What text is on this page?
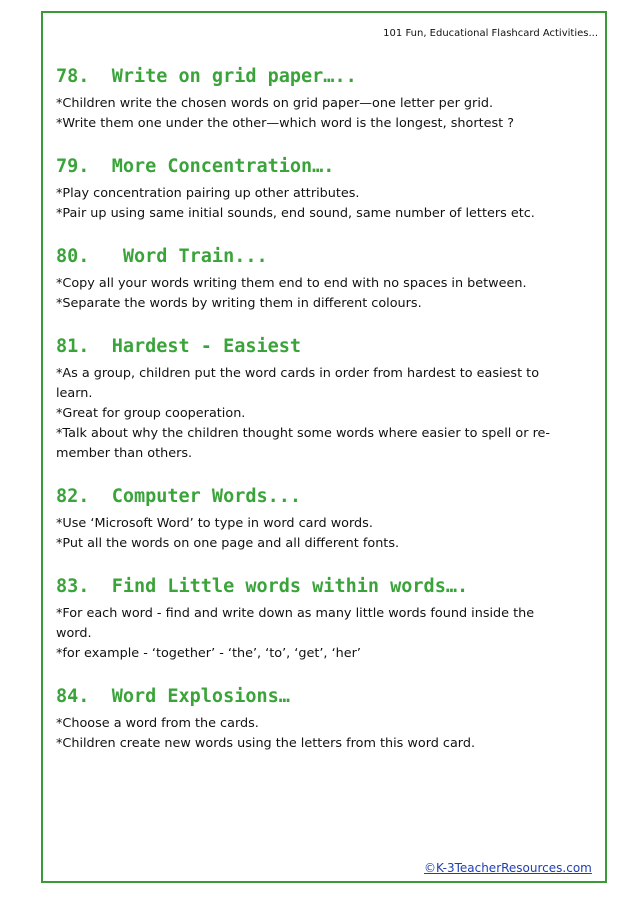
101 Fun, Educational Flashcard Activities...
78.  Write on grid paper…..
*Children write the chosen words on grid paper—one letter per grid.
*Write them one under the other—which word is the longest, shortest ?
79.  More Concentration….
*Play concentration pairing up other attributes.
*Pair up using same initial sounds, end sound, same number of letters etc.
80.   Word Train...
*Copy all your words writing them end to end with no spaces in between.
*Separate the words by writing them in different colours.
81.  Hardest - Easiest
*As a group, children put the word cards in order from hardest to easiest to
learn.
*Great for group cooperation.
*Talk about why the children thought some words where easier to spell or re-
member than others.
82.  Computer Words...
*Use ‘Microsoft Word’ to type in word card words.
*Put all the words on one page and all different fonts.
83.  Find Little words within words….
*For each word - find and write down as many little words found inside the
word.
*for example - ‘together’ - ‘the’, ‘to’, ‘get’, ‘her’
84.  Word Explosions…
*Choose a word from the cards.
*Children create new words using the letters from this word card.
©K-3TeacherResources.com
